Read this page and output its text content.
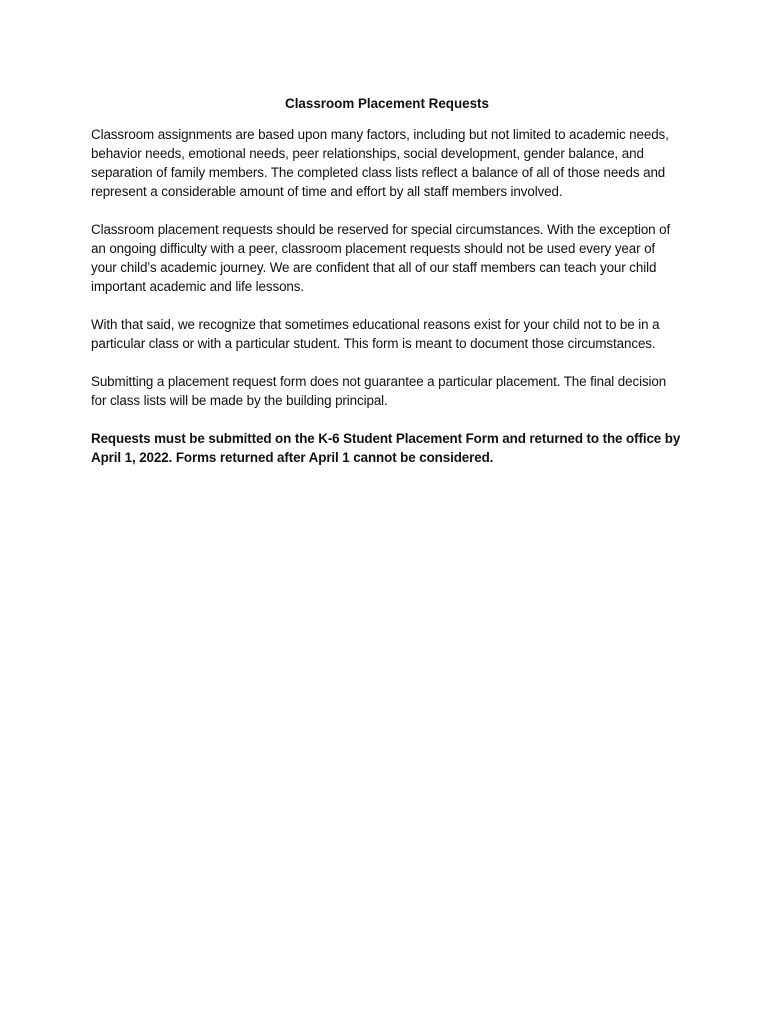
Classroom Placement Requests

Classroom assignments are based upon many factors, including but not limited to academic needs, behavior needs, emotional needs, peer relationships, social development, gender balance, and separation of family members. The completed class lists reflect a balance of all of those needs and represent a considerable amount of time and effort by all staff members involved.

Classroom placement requests should be reserved for special circumstances. With the exception of an ongoing difficulty with a peer, classroom placement requests should not be used every year of your child’s academic journey. We are confident that all of our staff members can teach your child important academic and life lessons.

With that said, we recognize that sometimes educational reasons exist for your child not to be in a particular class or with a particular student. This form is meant to document those circumstances.

Submitting a placement request form does not guarantee a particular placement. The final decision for class lists will be made by the building principal.

Requests must be submitted on the K-6 Student Placement Form and returned to the office by April 1, 2022. Forms returned after April 1 cannot be considered.
